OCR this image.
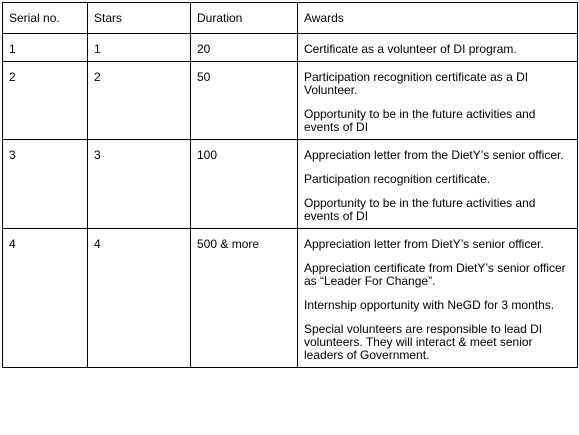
Serial no.	Stars	Duration	Awards
1	1	20	Certificate as a volunteer of DI program.

2	2	50	Participation recognition certificate as a DI Volunteer.

Opportunity to be in the future activities and events of DI

3	3	100	Appreciation letter from the DietY’s senior officer.

Participation recognition certificate.

Opportunity to be in the future activities and events of DI

4	4	500 & more	Appreciation letter from DietY’s senior officer.

Appreciation certificate from DietY’s senior officer as “Leader For Change”.

Internship opportunity with NeGD for 3 months.

Special volunteers are responsible to lead DI volunteers. They will interact & meet senior leaders of Government.
